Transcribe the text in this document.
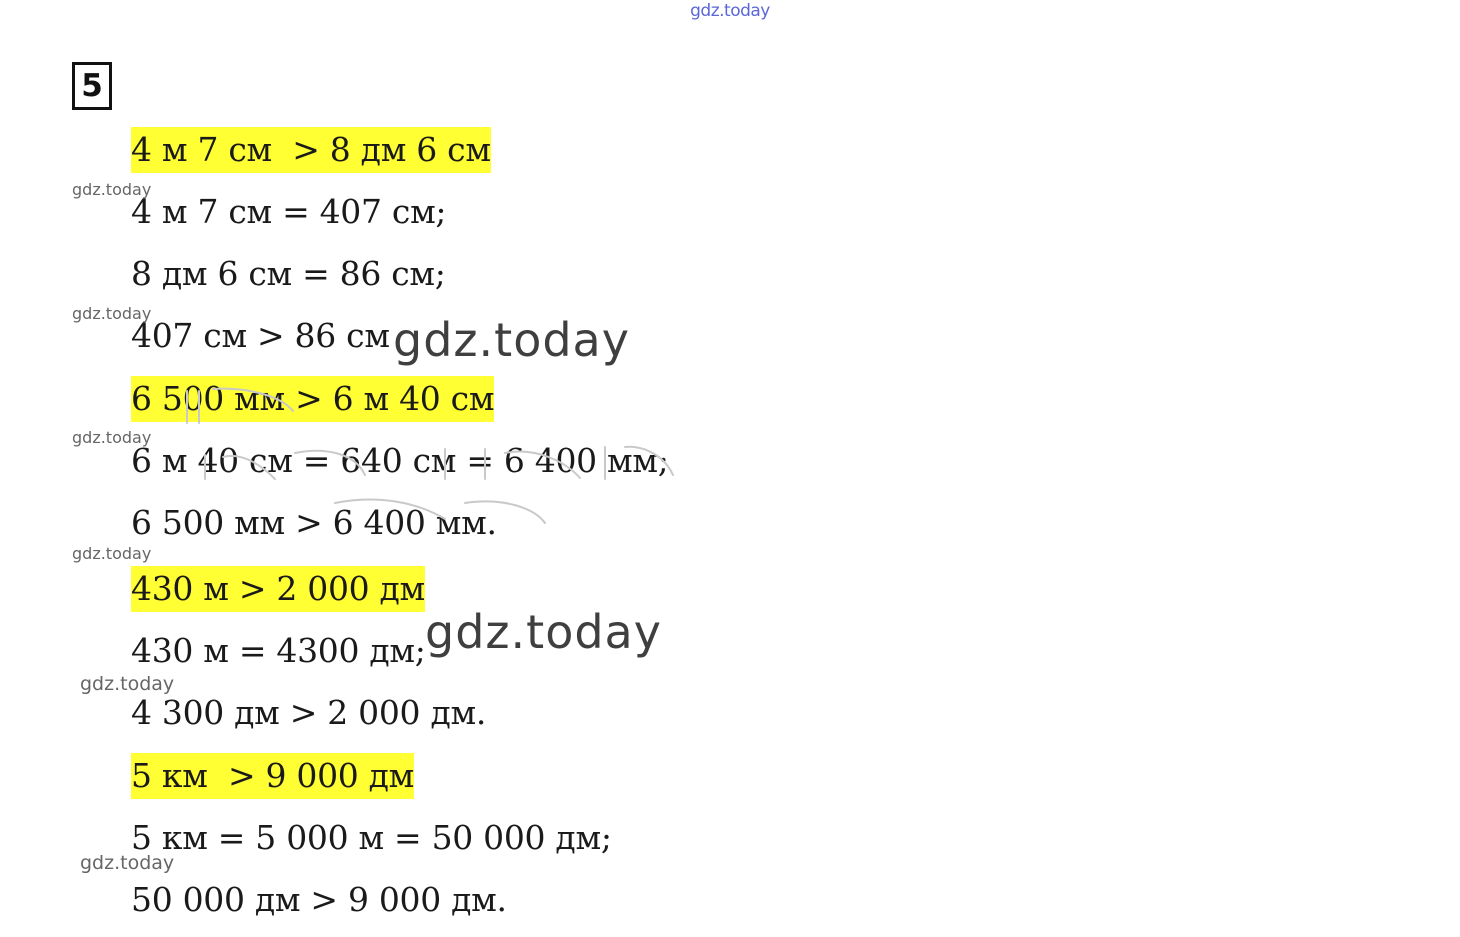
gdz.today
5
4 м 7 см  > 8 дм 6 см
4 м 7 см = 407 см;
8 дм 6 см = 86 см;
407 см > 86 см
6 500 мм > 6 м 40 см
6 м 40 см = 640 см = 6 400 мм;
6 500 мм > 6 400 мм.
430 м > 2 000 дм
430 м = 4300 дм;
4 300 дм > 2 000 дм.
5 км  > 9 000 дм
5 км = 5 000 м = 50 000 дм;
50 000 дм > 9 000 дм.
gdz.today
gdz.today
gdz.today
gdz.today
gdz.today
gdz.today
gdz.today
gdz.today
